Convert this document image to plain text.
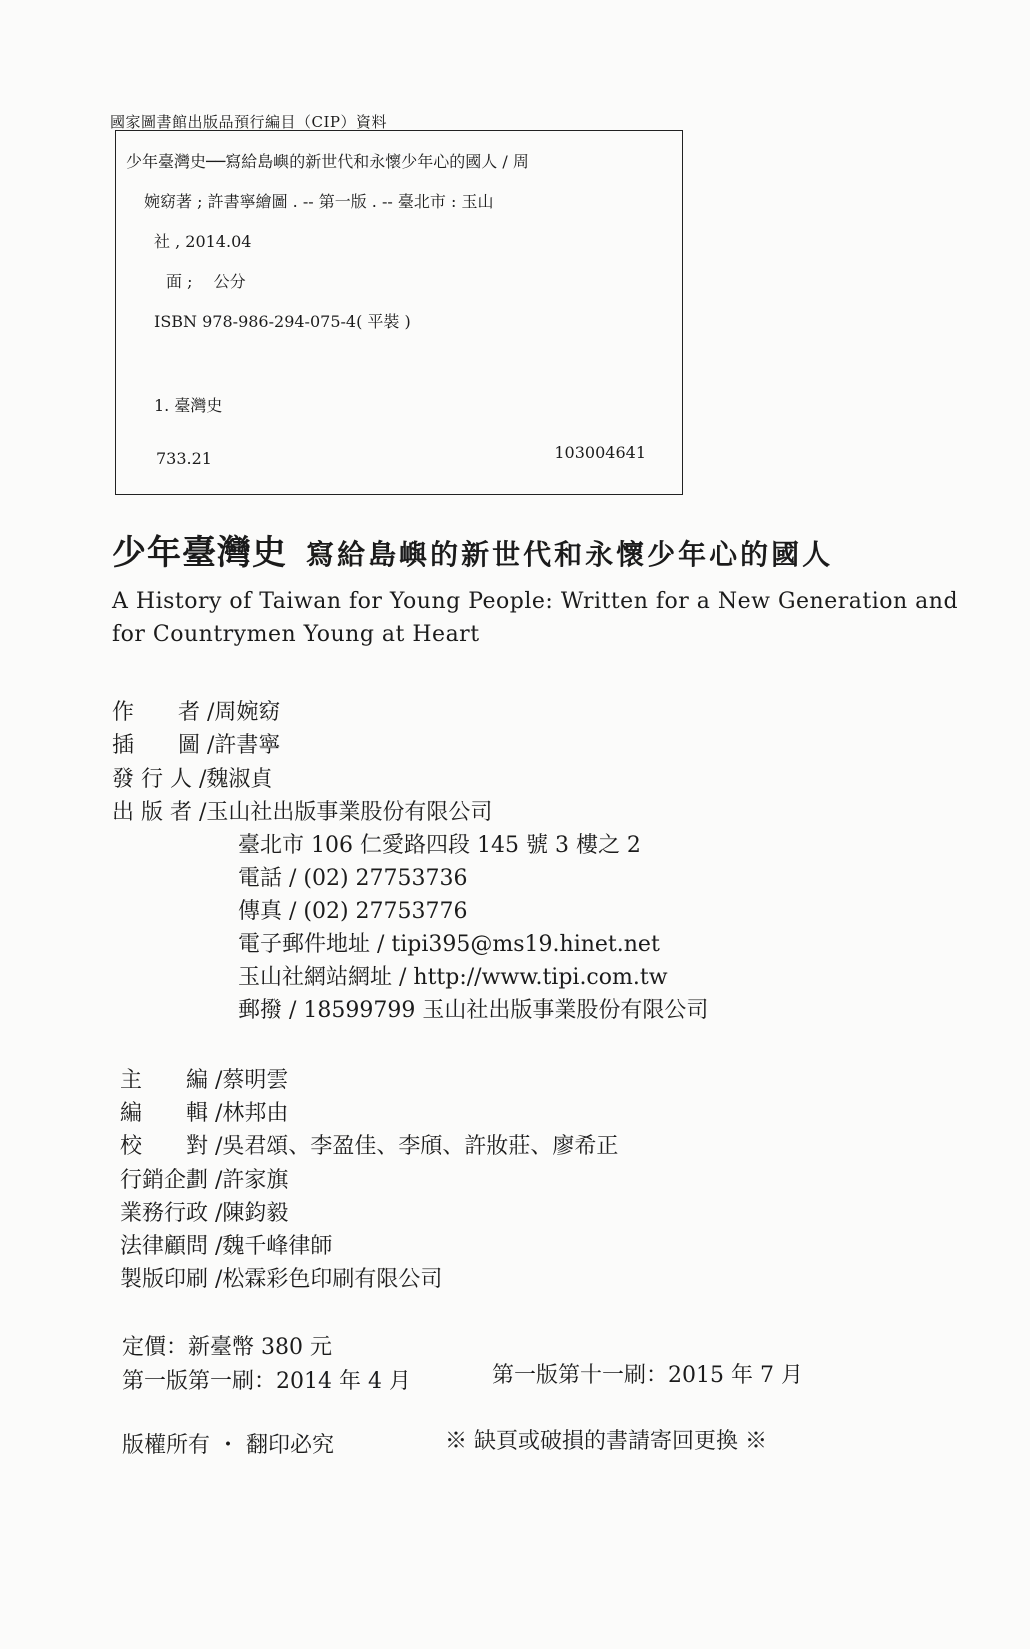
國家圖書館出版品預行編目（CIP）資料
少年臺灣史──寫給島嶼的新世代和永懷少年心的國人 / 周
婉窈著 ; 許書寧繪圖 . -- 第一版 . -- 臺北市 : 玉山
社 , 2014.04
面 ;　 公分
ISBN 978-986-294-075-4( 平裝 )
1. 臺灣史
733.21	103004641
少年臺灣史 寫給島嶼的新世代和永懷少年心的國人
A History of Taiwan for Young People: Written for a New Generation and for Countrymen Young at Heart
作　　者 /周婉窈
插　　圖 /許書寧
發 行 人 /魏淑貞
出 版 者 /玉山社出版事業股份有限公司
臺北市 106 仁愛路四段 145 號 3 樓之 2
電話 / (02) 27753736
傳真 / (02) 27753776
電子郵件地址 / tipi395@ms19.hinet.net
玉山社網站網址 / http://www.tipi.com.tw
郵撥 / 18599799 玉山社出版事業股份有限公司
主　　編 /蔡明雲
編　　輯 /林邦由
校　　對 /吳君頌、李盈佳、李頎、許妝莊、廖希正
行銷企劃 /許家旗
業務行政 /陳鈞毅
法律顧問 /魏千峰律師
製版印刷 /松霖彩色印刷有限公司
定價：新臺幣 380 元
第一版第一刷：2014 年 4 月	第一版第十一刷：2015 年 7 月
版權所有 ・ 翻印必究	※ 缺頁或破損的書請寄回更換 ※
